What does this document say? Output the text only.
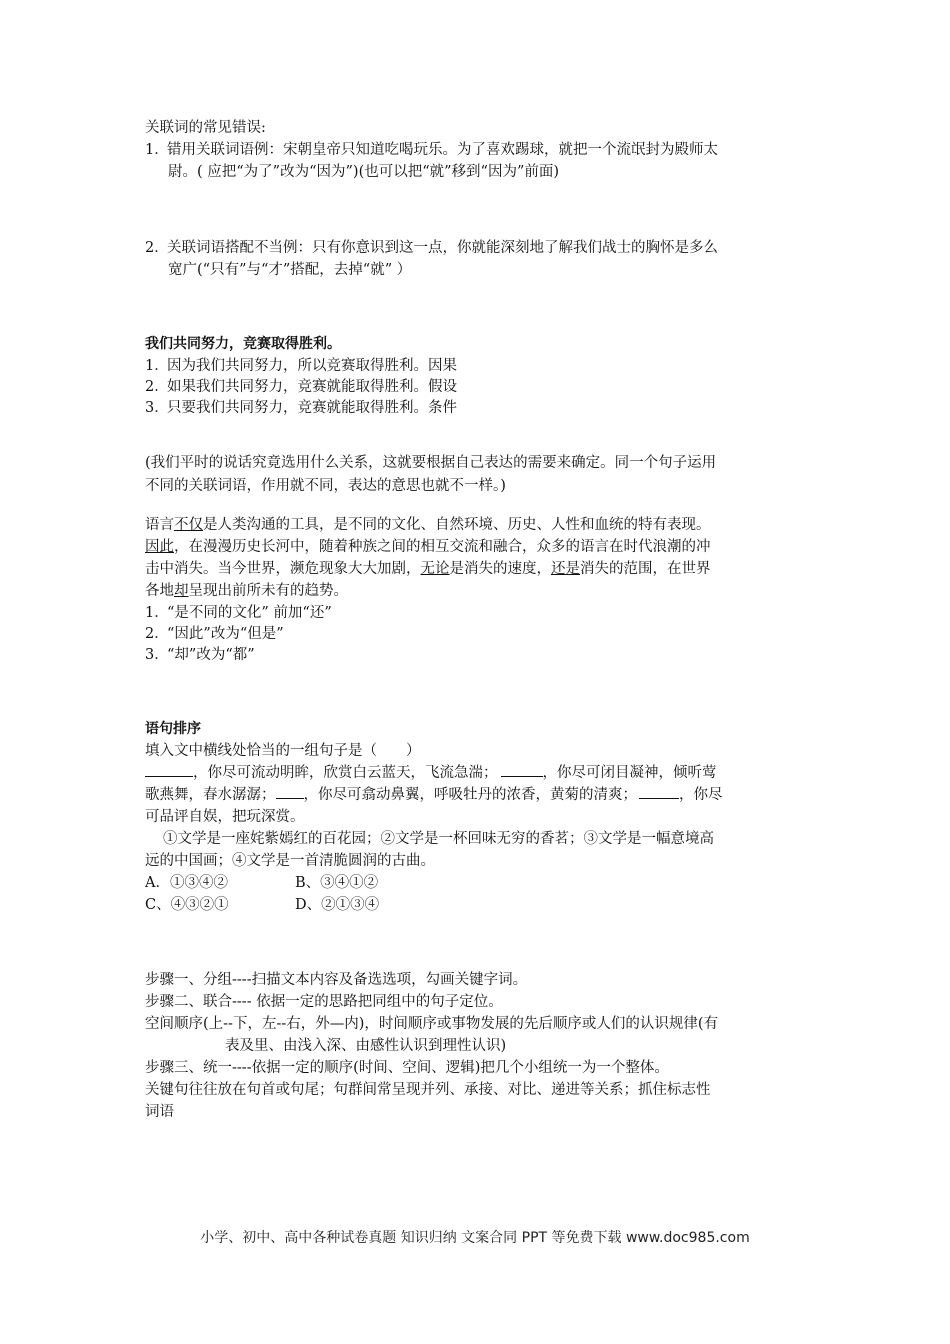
关联词的常见错误:
1．错用关联词语例：宋朝皇帝只知道吃喝玩乐。为了喜欢踢球，就把一个流氓封为殿师太
尉。( 应把“为了”改为“因为”)(也可以把“就”移到“因为”前面)
2．关联词语搭配不当例：只有你意识到这一点，你就能深刻地了解我们战士的胸怀是多么
宽广(“只有”与“才”搭配，去掉“就” ）
我们共同努力，竞赛取得胜利。
1．因为我们共同努力，所以竞赛取得胜利。因果
2．如果我们共同努力，竞赛就能取得胜利。假设
3．只要我们共同努力，竞赛就能取得胜利。条件
(我们平时的说话究竟选用什么关系，这就要根据自己表达的需要来确定。同一个句子运用
不同的关联词语，作用就不同，表达的意思也就不一样。)
语言不仅是人类沟通的工具，是不同的文化、自然环境、历史、人性和血统的特有表现。
因此，在漫漫历史长河中，随着种族之间的相互交流和融合，众多的语言在时代浪潮的冲
击中消失。当今世界，濒危现象大大加剧，无论是消失的速度，还是消失的范围，在世界
各地却呈现出前所未有的趋势。
1．“是不同的文化” 前加“还”
2．“因此”改为“但是”
3．“却”改为“都”
语句排序
填入文中横线处恰当的一组句子是（　　）
，你尽可流动明眸，欣赏白云蓝天，飞流急湍；	，你尽可闭目凝神，倾听莺
歌燕舞，春水潺潺； ，你尽可翕动鼻翼，呼吸牡丹的浓香，黄菊的清爽；	，你尽
可品评自娱，把玩深赏。
①文学是一座姹紫嫣红的百花园；②文学是一杯回味无穷的香茗；③文学是一幅意境高
远的中国画；④文学是一首清脆圆润的古曲。
A．①③④②	B、③④①②
C、④③②①	D、②①③④
步骤一、分组----扫描文本内容及备选选项，勾画关键字词。
步骤二、联合---- 依据一定的思路把同组中的句子定位。
空间顺序(上--下，左--右，外—内)，时间顺序或事物发展的先后顺序或人们的认识规律(有
表及里、由浅入深、由感性认识到理性认识)
步骤三、统一----依据一定的顺序(时间、空间、逻辑)把几个小组统一为一个整体。
关键句往往放在句首或句尾；句群间常呈现并列、承接、对比、递进等关系；抓住标志性
词语
小学、初中、高中各种试卷真题 知识归纳 文案合同 PPT 等免费下载 www.doc985.com
